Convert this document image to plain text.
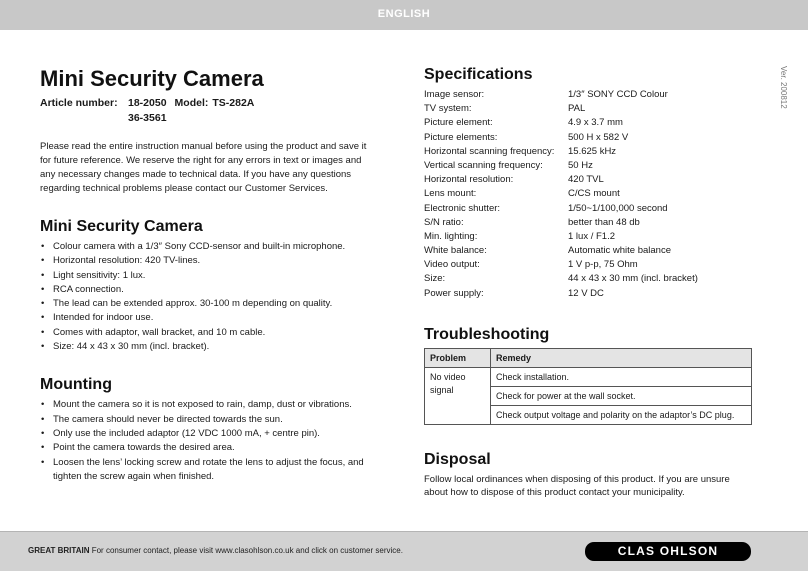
ENGLISH
Ver. 200812
Mini Security Camera
Article number: 18-2050 Model: TS-282A
36-3561

Please read the entire instruction manual before using the product and save it for future reference. We reserve the right for any errors in text or images and any necessary changes made to technical data. If you have any questions regarding technical problems please contact our Customer Services.

Mini Security Camera
• Colour camera with a 1/3″ Sony CCD-sensor and built-in microphone.
• Horizontal resolution: 420 TV-lines.
• Light sensitivity: 1 lux.
• RCA connection.
• The lead can be extended approx. 30-100 m depending on quality.
• Intended for indoor use.
• Comes with adaptor, wall bracket, and 10 m cable.
• Size: 44 x 43 x 30 mm (incl. bracket).
Mounting
• Mount the camera so it is not exposed to rain, damp, dust or vibrations.
• The camera should never be directed towards the sun.
• Only use the included adaptor (12 VDC 1000 mA, + centre pin).
• Point the camera towards the desired area.
• Loosen the lens’ locking screw and rotate the lens to adjust the focus, and tighten the screw again when finished.
Specifications
Image sensor:	1/3″ SONY CCD Colour
TV system:	PAL
Picture element:	4.9 x 3.7 mm
Picture elements:	500 H x 582 V
Horizontal scanning frequency:	15.625 kHz
Vertical scanning frequency:	50 Hz
Horizontal resolution:	420 TVL
Lens mount:	C/CS mount
Electronic shutter:	1/50~1/100,000 second
S/N ratio:	better than 48 db
Min. lighting:	1 lux / F1.2
White balance:	Automatic white balance
Video output:	1 V p-p, 75 Ohm
Size:	44 x 43 x 30 mm (incl. bracket)
Power supply:	12 V DC
Troubleshooting
Problem	Remedy
No video signal	Check installation.
	Check for power at the wall socket.
	Check output voltage and polarity on the adaptor’s DC plug.
Disposal

Follow local ordinances when disposing of this product. If you are unsure about how to dispose of this product contact your municipality.

GREAT BRITAIN For consumer contact, please visit www.clasohlson.co.uk and click on customer service.	CLAS OHLSON
